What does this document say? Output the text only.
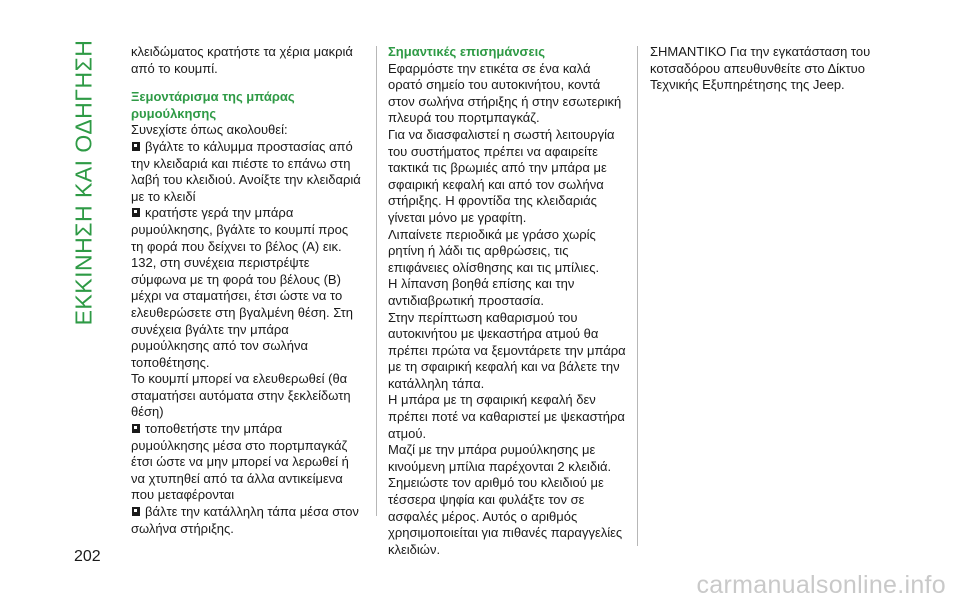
ΕΚΚΙΝΗΣΗ ΚΑΙ ΟΔΗΓΗΣΗ
202

κλειδώματος κρατήστε τα χέρια μακριά από το κουμπί.

Ξεμοντάρισμα της μπάρας ρυμούλκησης

Συνεχίστε όπως ακολουθεί:

βγάλτε το κάλυμμα προστασίας από την κλειδαριά και πιέστε το επάνω στη λαβή του κλειδιού. Ανοίξτε την κλειδαριά με το κλειδί

κρατήστε γερά την μπάρα ρυμούλκησης, βγάλτε το κουμπί προς τη φορά που δείχνει το βέλος (A) εικ. 132, στη συνέχεια περιστρέψτε σύμφωνα με τη φορά του βέλους (B) μέχρι να σταματήσει, έτσι ώστε να το ελευθερώσετε στη βγαλμένη θέση. Στη συνέχεια βγάλτε την μπάρα ρυμούλκησης από τον σωλήνα τοποθέτησης.

Το κουμπί μπορεί να ελευθερωθεί (θα σταματήσει αυτόματα στην ξεκλείδωτη θέση)

τοποθετήστε την μπάρα ρυμούλκησης μέσα στο πορτμπαγκάζ έτσι ώστε να μην μπορεί να λερωθεί ή να χτυπηθεί από τα άλλα αντικείμενα που μεταφέρονται

βάλτε την κατάλληλη τάπα μέσα στον σωλήνα στήριξης.

Σημαντικές επισημάνσεις

Εφαρμόστε την ετικέτα σε ένα καλά ορατό σημείο του αυτοκινήτου, κοντά στον σωλήνα στήριξης ή στην εσωτερική πλευρά του πορτμπαγκάζ.

Για να διασφαλιστεί η σωστή λειτουργία του συστήματος πρέπει να αφαιρείτε τακτικά τις βρωμιές από την μπάρα με σφαιρική κεφαλή και από τον σωλήνα στήριξης. Η φροντίδα της κλειδαριάς γίνεται μόνο με γραφίτη.

Λιπαίνετε περιοδικά με γράσο χωρίς ρητίνη ή λάδι τις αρθρώσεις, τις επιφάνειες ολίσθησης και τις μπίλιες.

Η λίπανση βοηθά επίσης και την αντιδιαβρωτική προστασία.

Στην περίπτωση καθαρισμού του αυτοκινήτου με ψεκαστήρα ατμού θα πρέπει πρώτα να ξεμοντάρετε την μπάρα με τη σφαιρική κεφαλή και να βάλετε την κατάλληλη τάπα.

Η μπάρα με τη σφαιρική κεφαλή δεν πρέπει ποτέ να καθαριστεί με ψεκαστήρα ατμού.

Μαζί με την μπάρα ρυμούλκησης με κινούμενη μπίλια παρέχονται 2 κλειδιά.

Σημειώστε τον αριθμό του κλειδιού με τέσσερα ψηφία και φυλάξτε τον σε ασφαλές μέρος. Αυτός ο αριθμός χρησιμοποιείται για πιθανές παραγγελίες κλειδιών.

ΣΗΜΑΝΤΙΚΟ Για την εγκατάσταση του κοτσαδόρου απευθυνθείτε στο Δίκτυο Τεχνικής Εξυπηρέτησης της Jeep.

carmanualsonline.info
